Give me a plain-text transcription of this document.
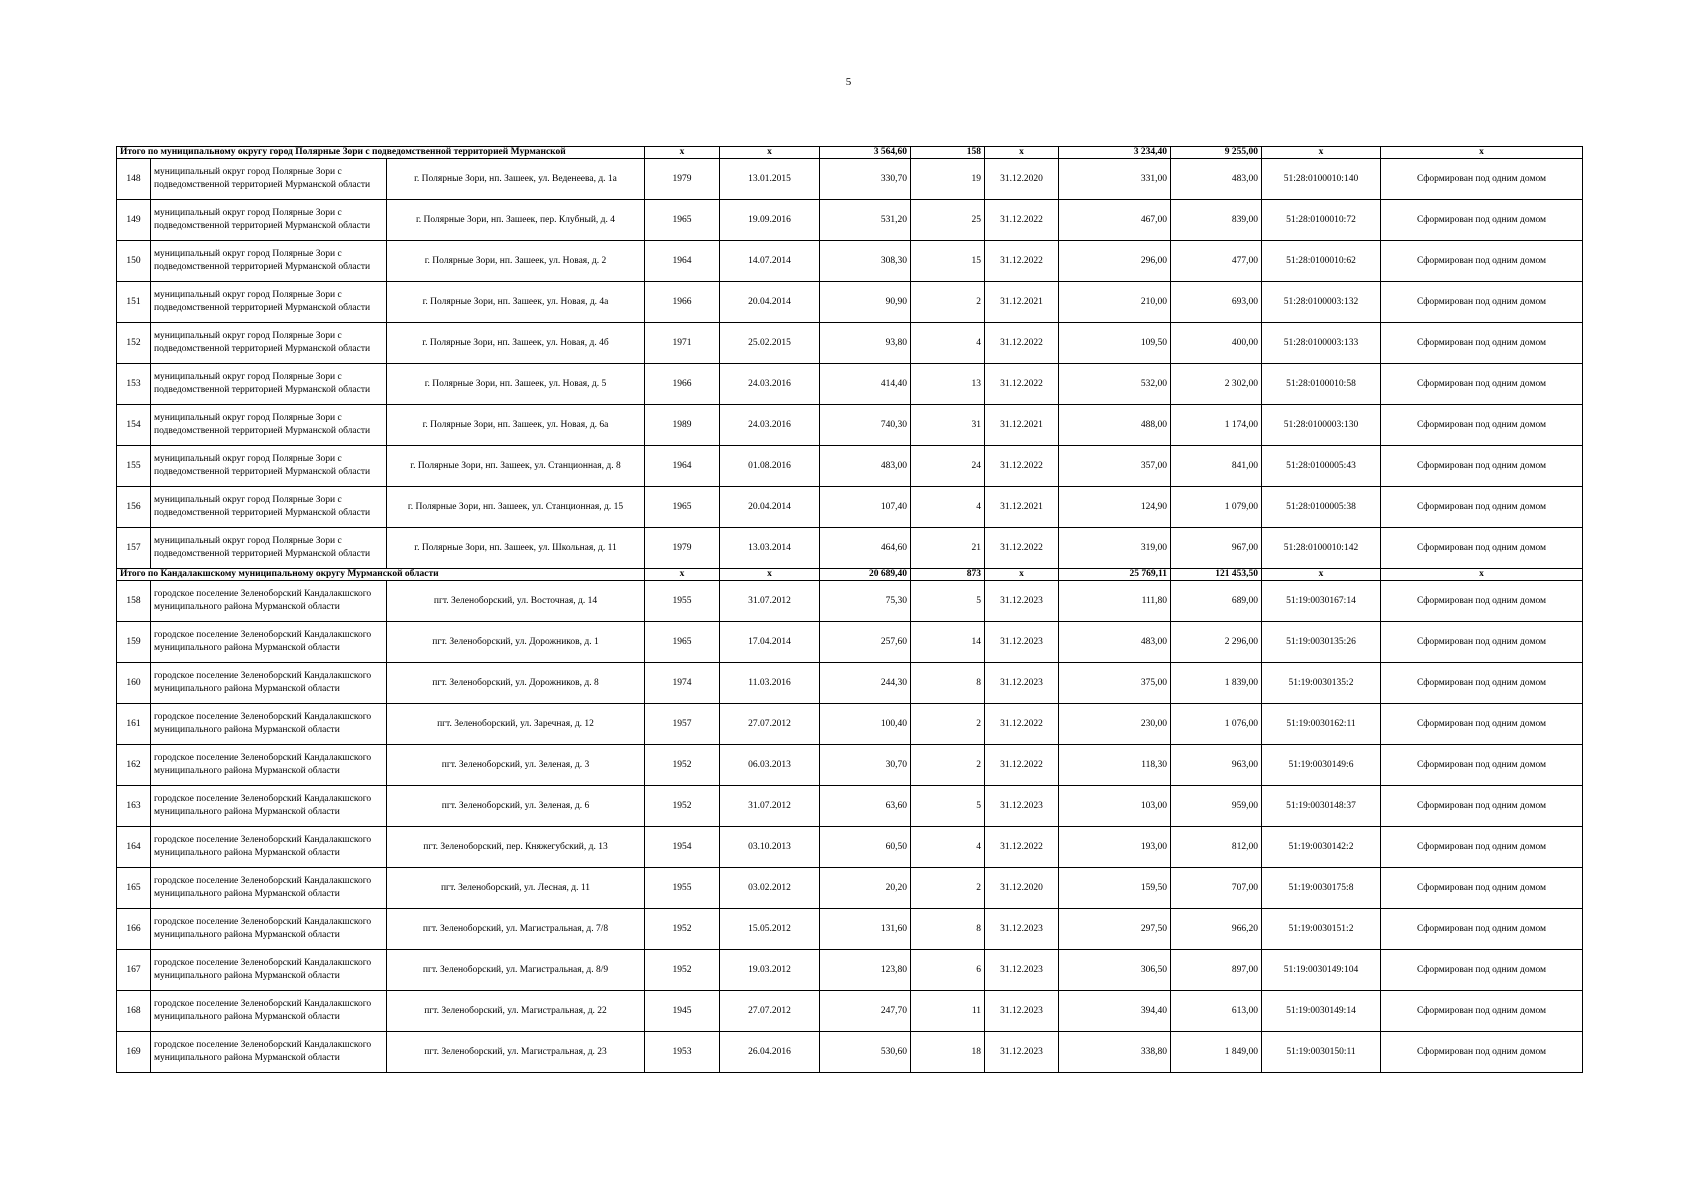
5
Итого по муниципальному округу город Полярные Зори с подведомственной территорией Мурманской			x	x	3 564,60	158	x	3 234,40	9 255,00	x	x
148	муниципальный округ город Полярные Зори с подведомственной территорией Мурманской области	г. Полярные Зори, нп. Зашеек, ул. Веденеева, д. 1а	1979	13.01.2015	330,70	19	31.12.2020	331,00	483,00	51:28:0100010:140	Сформирован под одним домом
149	муниципальный округ город Полярные Зори с подведомственной территорией Мурманской области	г. Полярные Зори, нп. Зашеек, пер. Клубный, д. 4	1965	19.09.2016	531,20	25	31.12.2022	467,00	839,00	51:28:0100010:72	Сформирован под одним домом
150	муниципальный округ город Полярные Зори с подведомственной территорией Мурманской области	г. Полярные Зори, нп. Зашеек, ул. Новая, д. 2	1964	14.07.2014	308,30	15	31.12.2022	296,00	477,00	51:28:0100010:62	Сформирован под одним домом
151	муниципальный округ город Полярные Зори с подведомственной территорией Мурманской области	г. Полярные Зори, нп. Зашеек, ул. Новая, д. 4а	1966	20.04.2014	90,90	2	31.12.2021	210,00	693,00	51:28:0100003:132	Сформирован под одним домом
152	муниципальный округ город Полярные Зори с подведомственной территорией Мурманской области	г. Полярные Зори, нп. Зашеек, ул. Новая, д. 4б	1971	25.02.2015	93,80	4	31.12.2022	109,50	400,00	51:28:0100003:133	Сформирован под одним домом
153	муниципальный округ город Полярные Зори с подведомственной территорией Мурманской области	г. Полярные Зори, нп. Зашеек, ул. Новая, д. 5	1966	24.03.2016	414,40	13	31.12.2022	532,00	2 302,00	51:28:0100010:58	Сформирован под одним домом
154	муниципальный округ город Полярные Зори с подведомственной территорией Мурманской области	г. Полярные Зори, нп. Зашеек, ул. Новая, д. 6а	1989	24.03.2016	740,30	31	31.12.2021	488,00	1 174,00	51:28:0100003:130	Сформирован под одним домом
155	муниципальный округ город Полярные Зори с подведомственной территорией Мурманской области	г. Полярные Зори, нп. Зашеек, ул. Станционная, д. 8	1964	01.08.2016	483,00	24	31.12.2022	357,00	841,00	51:28:0100005:43	Сформирован под одним домом
156	муниципальный округ город Полярные Зори с подведомственной территорией Мурманской области	г. Полярные Зори, нп. Зашеек, ул. Станционная, д. 15	1965	20.04.2014	107,40	4	31.12.2021	124,90	1 079,00	51:28:0100005:38	Сформирован под одним домом
157	муниципальный округ город Полярные Зори с подведомственной территорией Мурманской области	г. Полярные Зори, нп. Зашеек, ул. Школьная, д. 11	1979	13.03.2014	464,60	21	31.12.2022	319,00	967,00	51:28:0100010:142	Сформирован под одним домом
Итого по Кандалакшскому муниципальному округу Мурманской области			x	x	20 689,40	873	x	25 769,11	121 453,50	x	x
158	городское поселение Зеленоборский Кандалакшского муниципального района Мурманской области	пгт. Зеленоборский, ул. Восточная, д. 14	1955	31.07.2012	75,30	5	31.12.2023	111,80	689,00	51:19:0030167:14	Сформирован под одним домом
159	городское поселение Зеленоборский Кандалакшского муниципального района Мурманской области	пгт. Зеленоборский, ул. Дорожников, д. 1	1965	17.04.2014	257,60	14	31.12.2023	483,00	2 296,00	51:19:0030135:26	Сформирован под одним домом
160	городское поселение Зеленоборский Кандалакшского муниципального района Мурманской области	пгт. Зеленоборский, ул. Дорожников, д. 8	1974	11.03.2016	244,30	8	31.12.2023	375,00	1 839,00	51:19:0030135:2	Сформирован под одним домом
161	городское поселение Зеленоборский Кандалакшского муниципального района Мурманской области	пгт. Зеленоборский, ул. Заречная, д. 12	1957	27.07.2012	100,40	2	31.12.2022	230,00	1 076,00	51:19:0030162:11	Сформирован под одним домом
162	городское поселение Зеленоборский Кандалакшского муниципального района Мурманской области	пгт. Зеленоборский, ул. Зеленая, д. 3	1952	06.03.2013	30,70	2	31.12.2022	118,30	963,00	51:19:0030149:6	Сформирован под одним домом
163	городское поселение Зеленоборский Кандалакшского муниципального района Мурманской области	пгт. Зеленоборский, ул. Зеленая, д. 6	1952	31.07.2012	63,60	5	31.12.2023	103,00	959,00	51:19:0030148:37	Сформирован под одним домом
164	городское поселение Зеленоборский Кандалакшского муниципального района Мурманской области	пгт. Зеленоборский, пер. Княжегубский, д. 13	1954	03.10.2013	60,50	4	31.12.2022	193,00	812,00	51:19:0030142:2	Сформирован под одним домом
165	городское поселение Зеленоборский Кандалакшского муниципального района Мурманской области	пгт. Зеленоборский, ул. Лесная, д. 11	1955	03.02.2012	20,20	2	31.12.2020	159,50	707,00	51:19:0030175:8	Сформирован под одним домом
166	городское поселение Зеленоборский Кандалакшского муниципального района Мурманской области	пгт. Зеленоборский, ул. Магистральная, д. 7/8	1952	15.05.2012	131,60	8	31.12.2023	297,50	966,20	51:19:0030151:2	Сформирован под одним домом
167	городское поселение Зеленоборский Кандалакшского муниципального района Мурманской области	пгт. Зеленоборский, ул. Магистральная, д. 8/9	1952	19.03.2012	123,80	6	31.12.2023	306,50	897,00	51:19:0030149:104	Сформирован под одним домом
168	городское поселение Зеленоборский Кандалакшского муниципального района Мурманской области	пгт. Зеленоборский, ул. Магистральная, д. 22	1945	27.07.2012	247,70	11	31.12.2023	394,40	613,00	51:19:0030149:14	Сформирован под одним домом
169	городское поселение Зеленоборский Кандалакшского муниципального района Мурманской области	пгт. Зеленоборский, ул. Магистральная, д. 23	1953	26.04.2016	530,60	18	31.12.2023	338,80	1 849,00	51:19:0030150:11	Сформирован под одним домом
